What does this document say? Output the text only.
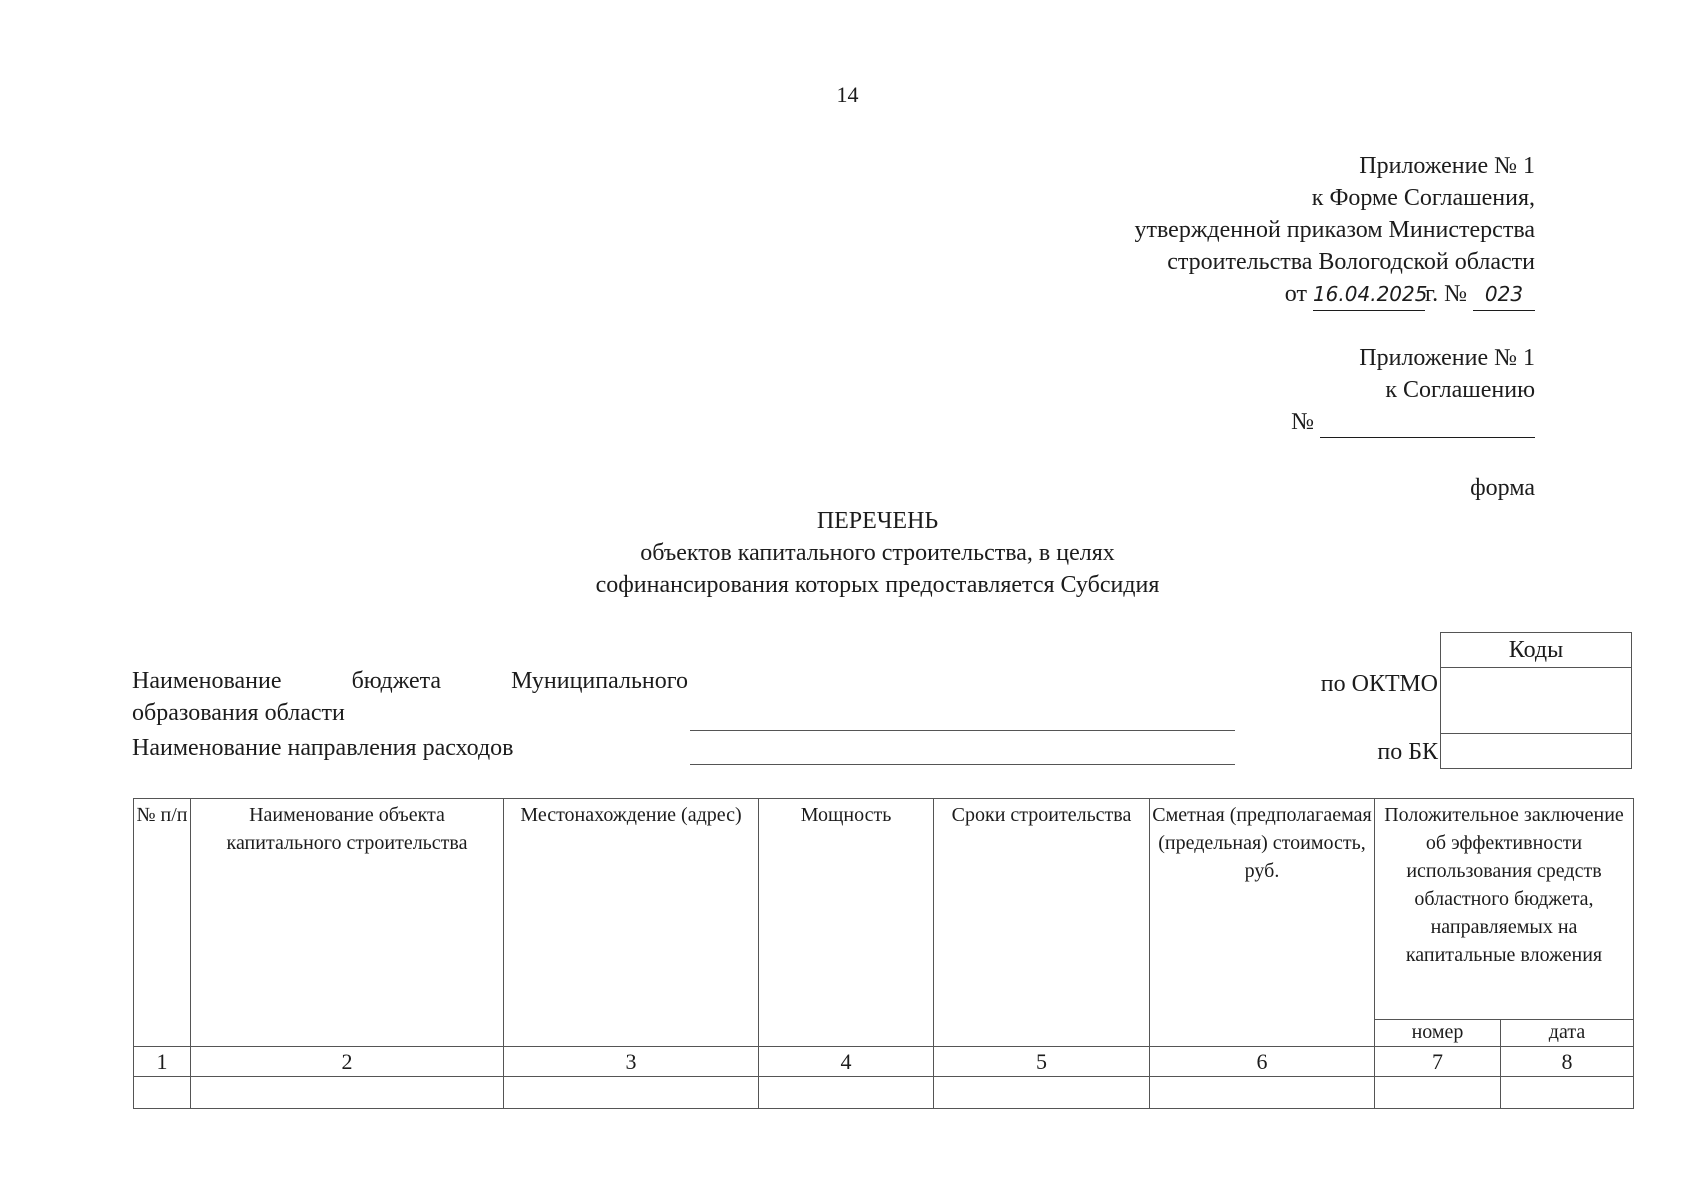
14
Приложение № 1
к Форме Соглашения,
утвержденной приказом Министерства
строительства Вологодской области
от 16.04.2025г. № 023
Приложение № 1
к Соглашению
№
форма
ПЕРЕЧЕНЬ
объектов капитального строительства, в целях
софинансирования которых предоставляется Субсидия
Наименование бюджета Муниципального
образования области
Наименование направления расходов
по ОКТМО
по БК
Коды
№ п/п	Наименование объекта капитального строительства	Местонахождение (адрес)	Мощность	Сроки строительства	Сметная (предполагаемая (предельная) стоимость, руб.	Положительное заключение об эффективности использования средств областного бюджета, направляемых на капитальные вложения	
						номер	дата
1	2	3	4	5	6	7	8
